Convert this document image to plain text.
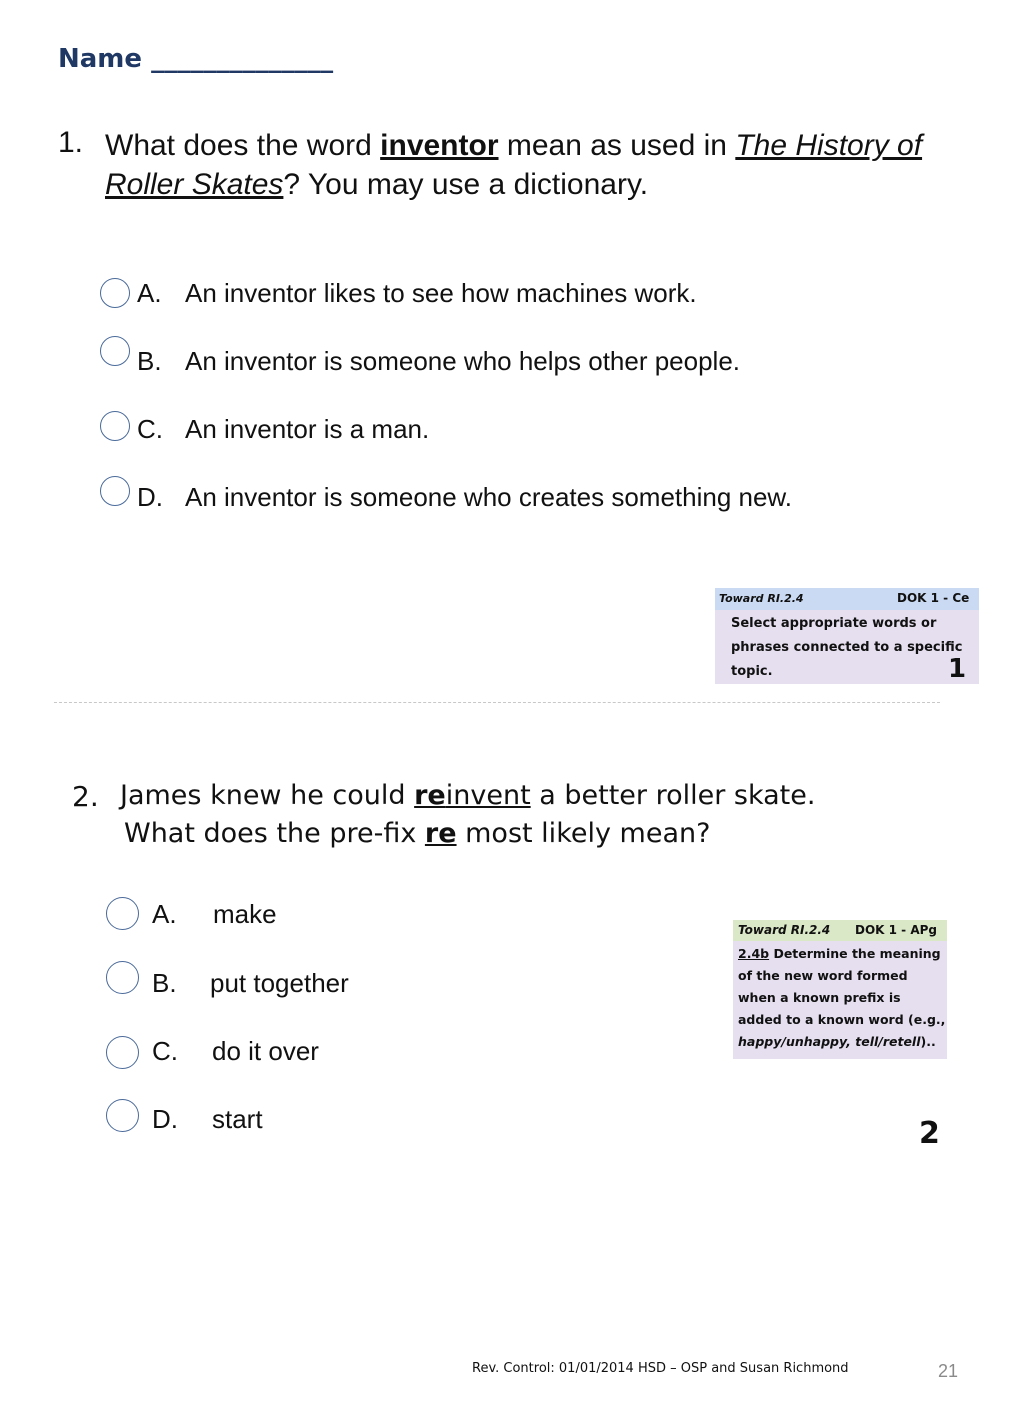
Name ______________
1. What does the word inventor mean as used in The History of Roller Skates? You may use a dictionary.
A. An inventor likes to see how machines work.
B. An inventor is someone who helps other people.
C. An inventor is a man.
D. An inventor is someone who creates something new.
Toward RI.2.4	DOK 1 - Ce
Select appropriate words or phrases connected to a specific topic.	1
2. James knew he could reinvent a better roller skate.
What does the pre-fix re most likely mean?
A. make
B. put together
C. do it over
D. start
Toward RI.2.4 DOK 1 - APg
2.4b Determine the meaning of the new word formed when a known prefix is added to a known word (e.g., happy/unhappy, tell/retell)..
2
Rev. Control: 01/01/2014 HSD – OSP and Susan Richmond	21
